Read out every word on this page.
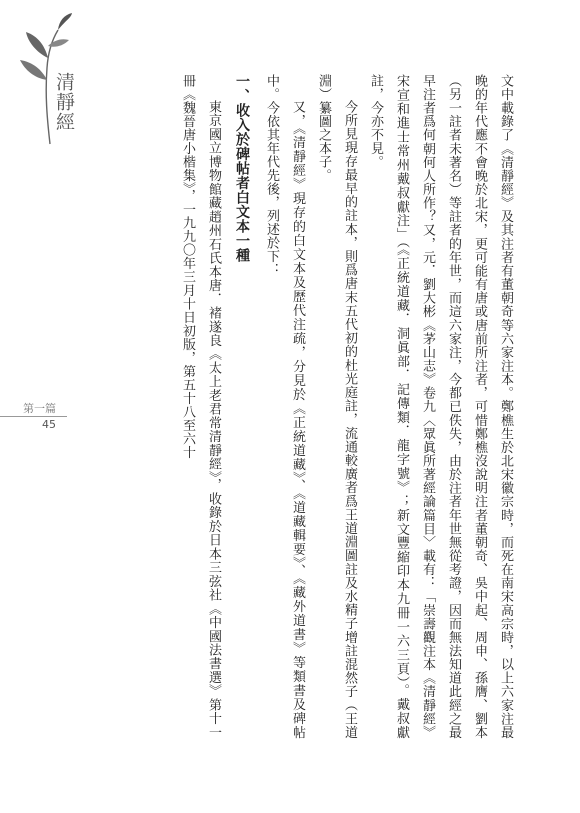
清靜經
第一篇
45	文中載錄了《清靜經》及其注者有董朝奇等六家注本。鄭樵生於北宋徽宗時，而死在南宋高宗時，以上六家注最晚的年代應不會晚於北宋，更可能有唐或唐前所注者，可惜鄭樵沒說明注者董朝奇、吳中起、周申、孫膺、劉本（另一註者未著名）等註者的年世，而這六家注，今都已佚失，由於注者年世無從考證，因而無法知道此經之最早注者爲何朝何人所作？又，元．劉大彬《茅山志》卷九〈眾眞所著經論篇目〉載有：「崇壽觀注本《清靜經》宋宣和進士常州戴叔獻注」（《正統道藏．洞眞部．記傳類．龍字號》；新文豐縮印本九冊一六三頁）。戴叔獻註，今亦不見。

今所見現存最早的註本，則爲唐末五代初的杜光庭註，流通較廣者爲王道淵圖註及水精子增註混然子（王道淵）纂圖之本子。

又，《清靜經》現存的白文本及歷代注疏，分見於《正統道藏》、《道藏輯要》、《藏外道書》等類書及碑帖中。今依其年代先後，列述於下：

一、收入於碑帖者白文本一種

東京國立博物館藏趙州石氏本唐．褚遂良《太上老君常清靜經》，收錄於日本三弦社《中國法書選》第十一冊《魏晉唐小楷集》，一九九〇年三月十日初版，第五十八至六十
